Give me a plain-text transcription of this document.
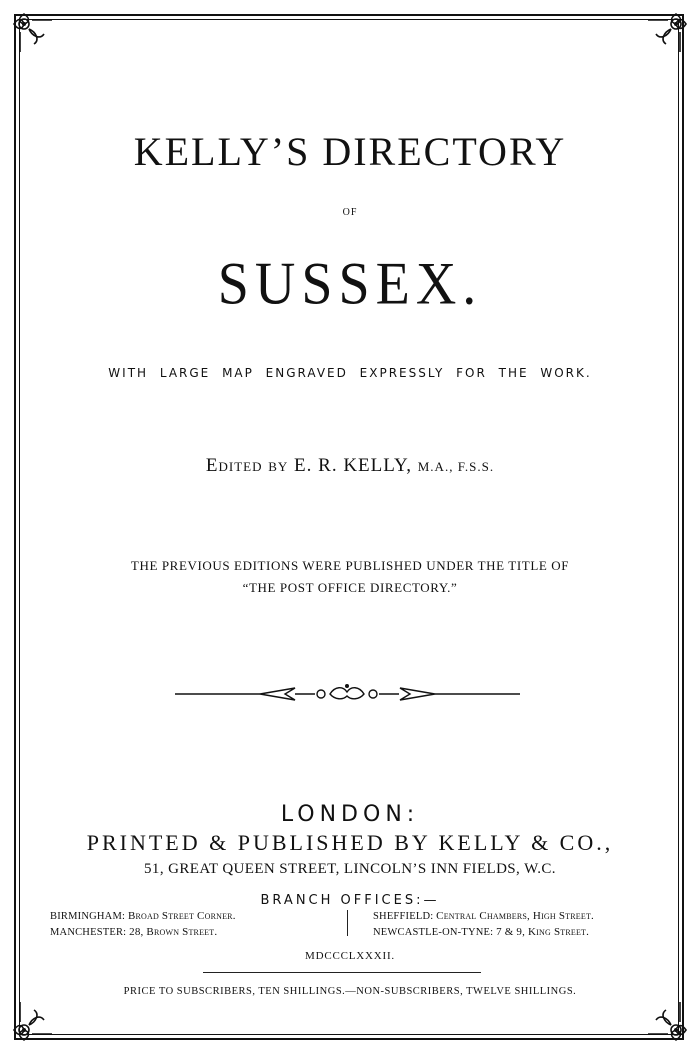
KELLY’S DIRECTORY
OF
SUSSEX.
WITH LARGE MAP ENGRAVED EXPRESSLY FOR THE WORK.
Edited by E. R. KELLY, M.A., F.S.S.
THE PREVIOUS EDITIONS WERE PUBLISHED UNDER THE TITLE OF
“THE POST OFFICE DIRECTORY.”
LONDON:
PRINTED & PUBLISHED BY KELLY & CO.,
51, GREAT QUEEN STREET, LINCOLN’S INN FIELDS, W.C.
BRANCH OFFICES:—
BIRMINGHAM: Broad Street Corner.
MANCHESTER: 28, Brown Street.
SHEFFIELD: Central Chambers, High Street.
NEWCASTLE-ON-TYNE: 7 & 9, King Street.
MDCCCLXXXII.
PRICE TO SUBSCRIBERS, TEN SHILLINGS.—NON-SUBSCRIBERS, TWELVE SHILLINGS.
